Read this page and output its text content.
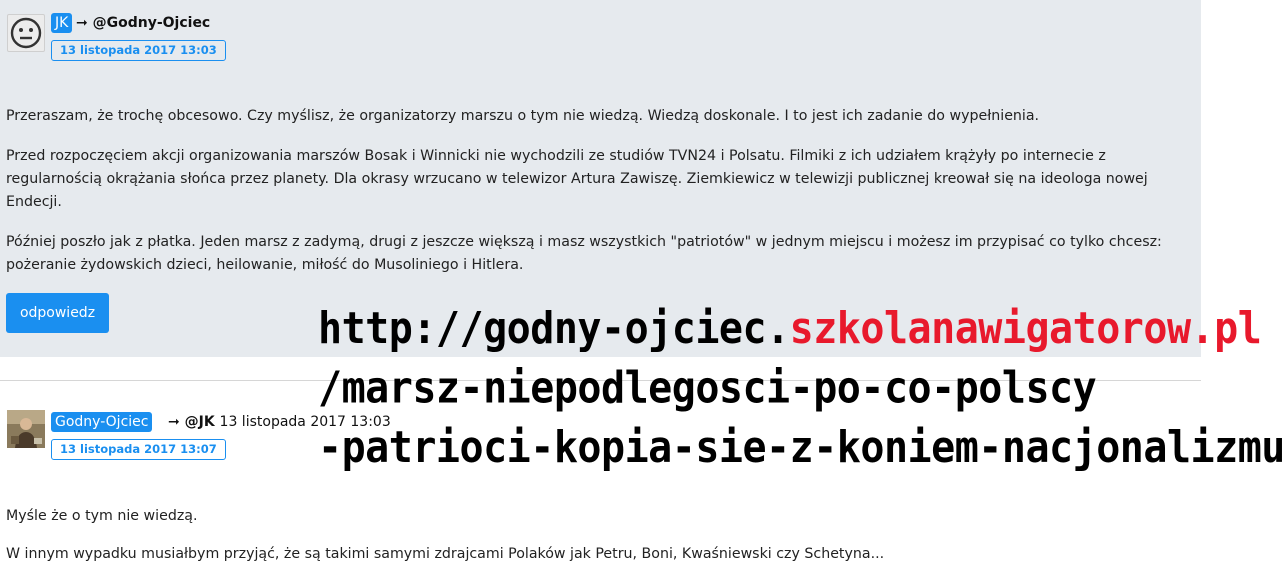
JK ➞ @Godny-Ojciec
13 listopada 2017 13:03
Przeraszam, że trochę obcesowo. Czy myślisz, że organizatorzy marszu o tym nie wiedzą. Wiedzą doskonale. I to jest ich zadanie do wypełnienia.
Przed rozpoczęciem akcji organizowania marszów Bosak i Winnicki nie wychodzili ze studiów TVN24 i Polsatu. Filmiki z ich udziałem krążyły po internecie z regularnością okrążania słońca przez planety. Dla okrasy wrzucano w telewizor Artura Zawiszę. Ziemkiewicz w telewizji publicznej kreował się na ideologa nowej Endecji.
Później poszło jak z płatka. Jeden marsz z zadymą, drugi z jeszcze większą i masz wszystkich "patriotów" w jednym miejscu i możesz im przypisać co tylko chcesz: pożeranie żydowskich dzieci, heilowanie, miłość do Musoliniego i Hitlera.
odpowiedz
Godny-Ojciec ➞ @JK 13 listopada 2017 13:03
13 listopada 2017 13:07
Myśle że o tym nie wiedzą.
W innym wypadku musiałbym przyjąć, że są takimi samymi zdrajcami Polaków jak Petru, Boni, Kwaśniewski czy Schetyna...
http://godny-ojciec.szkolanawigatorow.pl
/marsz-niepodlegosci-po-co-polscy
-patrioci-kopia-sie-z-koniem-nacjonalizmu
